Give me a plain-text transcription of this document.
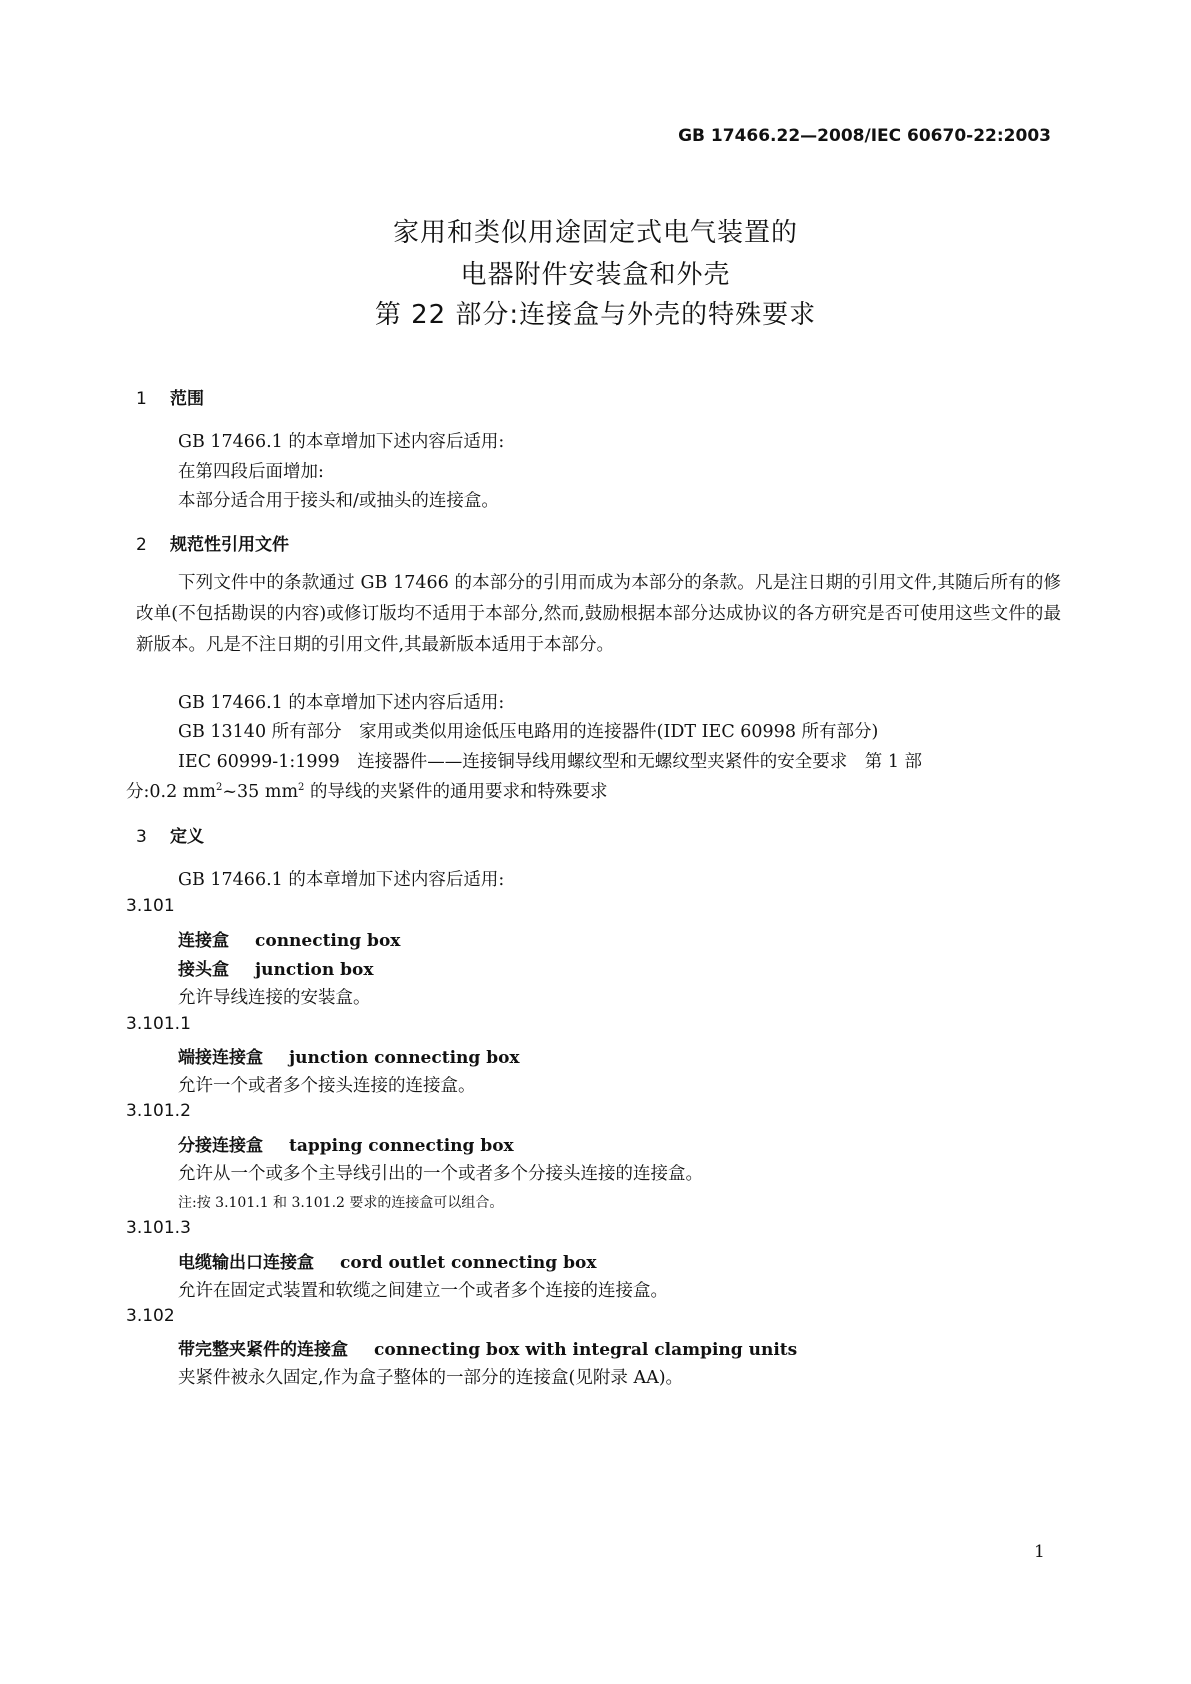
GB 17466.22—2008/IEC 60670-22:2003
家用和类似用途固定式电气装置的
电器附件安装盒和外壳
第 22 部分:连接盒与外壳的特殊要求
1 范围
GB 17466.1 的本章增加下述内容后适用:
在第四段后面增加:
本部分适合用于接头和/或抽头的连接盒。
2 规范性引用文件
下列文件中的条款通过 GB 17466 的本部分的引用而成为本部分的条款。凡是注日期的引用文件,其随后所有的修改单(不包括勘误的内容)或修订版均不适用于本部分,然而,鼓励根据本部分达成协议的各方研究是否可使用这些文件的最新版本。凡是不注日期的引用文件,其最新版本适用于本部分。
GB 17466.1 的本章增加下述内容后适用:
GB 13140 所有部分　家用或类似用途低压电路用的连接器件(IDT IEC 60998 所有部分)
IEC 60999-1:1999　连接器件——连接铜导线用螺纹型和无螺纹型夹紧件的安全要求　第 1 部
分:0.2 $mm^2\sim 35$ $mm^2$ 的导线的夹紧件的通用要求和特殊要求
3 定义
GB 17466.1 的本章增加下述内容后适用:
3.101
连接盒 connecting box
接头盒 junction box
允许导线连接的安装盒。
3.101.1
端接连接盒 junction connecting box
允许一个或者多个接头连接的连接盒。
3.101.2
分接连接盒 tapping connecting box
允许从一个或多个主导线引出的一个或者多个分接头连接的连接盒。
注:按 3.101.1 和 3.101.2 要求的连接盒可以组合。
3.101.3
电缆输出口连接盒 cord outlet connecting box
允许在固定式装置和软缆之间建立一个或者多个连接的连接盒。
3.102
带完整夹紧件的连接盒 connecting box with integral clamping units
夹紧件被永久固定,作为盒子整体的一部分的连接盒(见附录 AA)。
1
